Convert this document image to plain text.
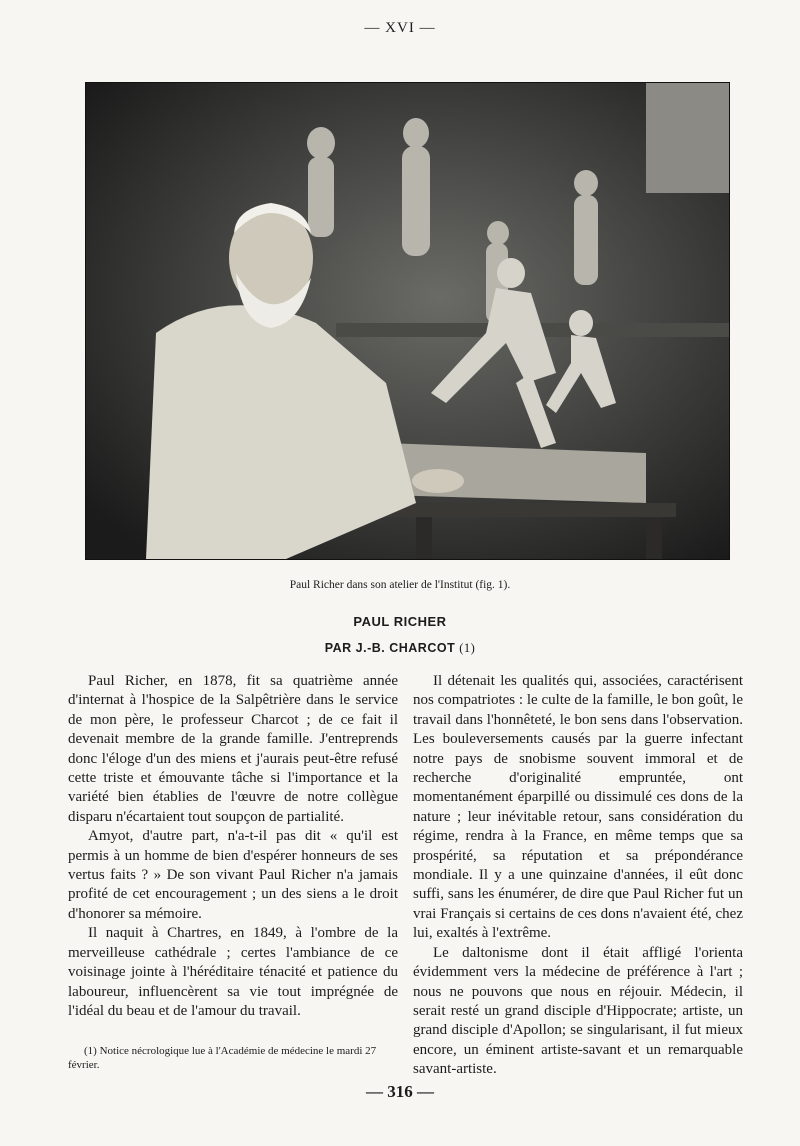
— XVI —
Paul Richer dans son atelier de l'Institut (fig. 1).
PAUL RICHER
PAR J.-B. CHARCOT (1)

Paul Richer, en 1878, fit sa quatrième année d'internat à l'hospice de la Salpêtrière dans le service de mon père, le professeur Charcot ; de ce fait il devenait membre de la grande famille. J'entreprends donc l'éloge d'un des miens et j'aurais peut-être refusé cette triste et émouvante tâche si l'importance et la variété bien établies de l'œuvre de notre collègue disparu n'écartaient tout soupçon de partialité.

Amyot, d'autre part, n'a-t-il pas dit « qu'il est permis à un homme de bien d'espérer honneurs de ses vertus faits ? » De son vivant Paul Richer n'a jamais profité de cet encouragement ; un des siens a le droit d'honorer sa mémoire.

Il naquit à Chartres, en 1849, à l'ombre de la merveilleuse cathédrale ; certes l'ambiance de ce voisinage jointe à l'héréditaire ténacité et patience du laboureur, influencèrent sa vie tout imprégnée de l'idéal du beau et de l'amour du travail.

Il détenait les qualités qui, associées, caractérisent nos compatriotes : le culte de la famille, le bon goût, le travail dans l'honnêteté, le bon sens dans l'observation. Les bouleversements causés par la guerre infectant notre pays de snobisme souvent immoral et de recherche d'originalité empruntée, ont momentanément éparpillé ou dissimulé ces dons de la nature ; leur inévitable retour, sans considération du régime, rendra à la France, en même temps que sa prospérité, sa réputation et sa prépondérance mondiale. Il y a une quinzaine d'années, il eût donc suffi, sans les énumérer, de dire que Paul Richer fut un vrai Français si certains de ces dons n'avaient été, chez lui, exaltés à l'extrême.

Le daltonisme dont il était affligé l'orienta évidemment vers la médecine de préférence à l'art ; nous ne pouvons que nous en réjouir. Médecin, il serait resté un grand disciple d'Hippocrate; artiste, un grand disciple d'Apollon; se singularisant, il fut mieux encore, un éminent artiste-savant et un remarquable savant-artiste.

(1) Notice nécrologique lue à l'Académie de médecine le mardi 27 février.
— 316 —
